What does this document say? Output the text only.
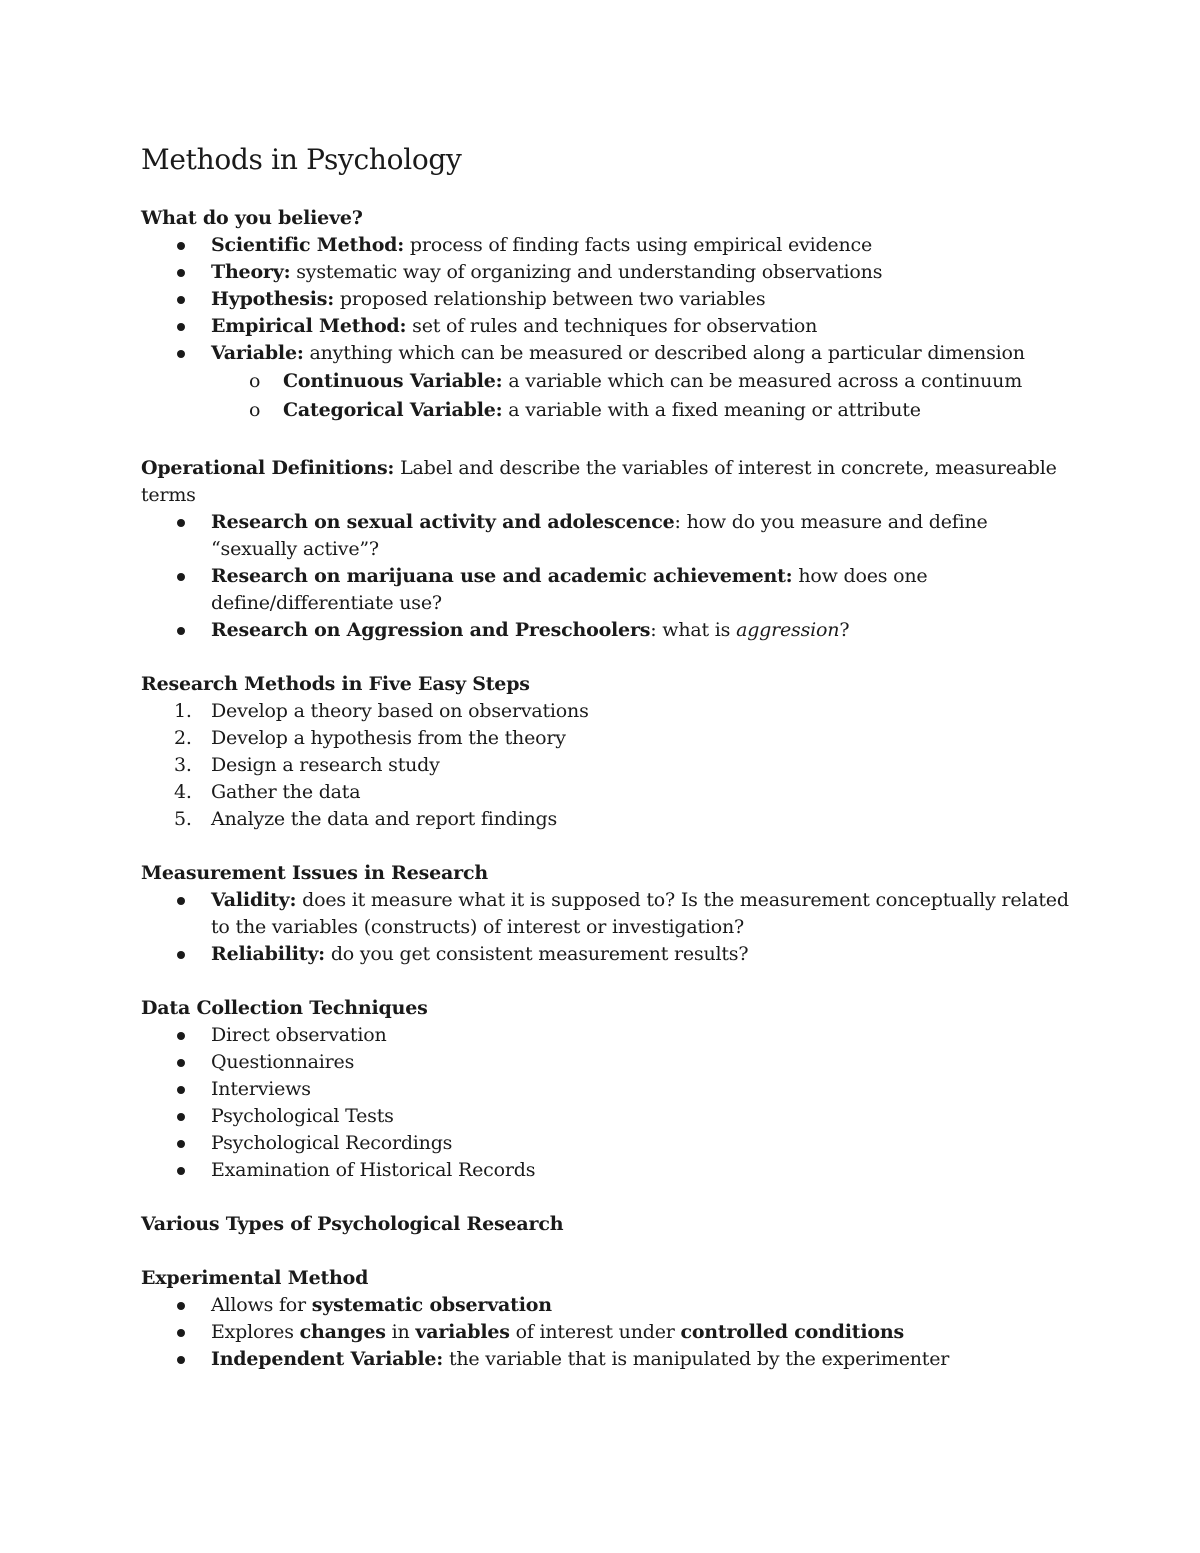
Methods in Psychology

What do you believe?

Scientific Method: process of finding facts using empirical evidence
Theory: systematic way of organizing and understanding observations
Hypothesis: proposed relationship between two variables
Empirical Method: set of rules and techniques for observation
Variable: anything which can be measured or described along a particular dimension
o Continuous Variable: a variable which can be measured across a continuum
o Categorical Variable: a variable with a fixed meaning or attribute

Operational Definitions: Label and describe the variables of interest in concrete, measureable terms

Research on sexual activity and adolescence: how do you measure and define “sexually active”?
Research on marijuana use and academic achievement: how does one define/differentiate use?
Research on Aggression and Preschoolers: what is aggression?

Research Methods in Five Easy Steps

1. Develop a theory based on observations
2. Develop a hypothesis from the theory
3. Design a research study
4. Gather the data
5. Analyze the data and report findings

Measurement Issues in Research

Validity: does it measure what it is supposed to? Is the measurement conceptually related to the variables (constructs) of interest or investigation?
Reliability: do you get consistent measurement results?

Data Collection Techniques

Direct observation
Questionnaires
Interviews
Psychological Tests
Psychological Recordings
Examination of Historical Records

Various Types of Psychological Research

Experimental Method

Allows for systematic observation
Explores changes in variables of interest under controlled conditions
Independent Variable: the variable that is manipulated by the experimenter
